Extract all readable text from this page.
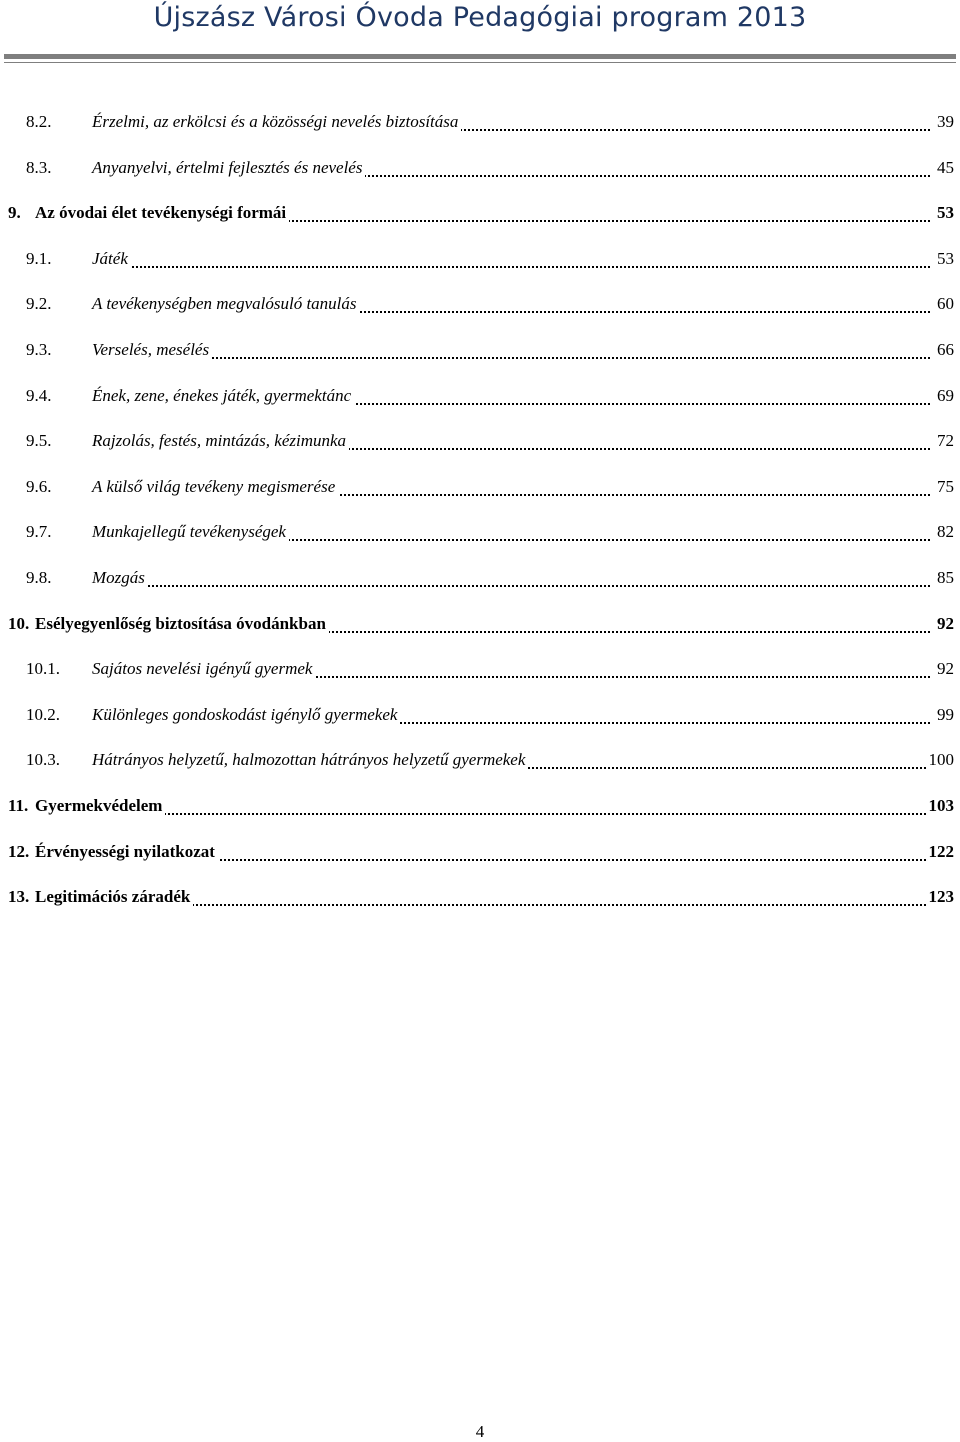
Újszász Városi Óvoda Pedagógiai program 2013
8.2. Érzelmi, az erkölcsi és a közösségi nevelés biztosítása	39
8.3. Anyanyelvi, értelmi fejlesztés és nevelés	45
9. Az óvodai élet tevékenységi formái	53
9.1. Játék	53
9.2. A tevékenységben megvalósuló tanulás	60
9.3. Verselés, mesélés	66
9.4. Ének, zene, énekes játék, gyermektánc	69
9.5. Rajzolás, festés, mintázás, kézimunka	72
9.6. A külső világ tevékeny megismerése	75
9.7. Munkajellegű tevékenységek	82
9.8. Mozgás	85
10. Esélyegyenlőség biztosítása óvodánkban	92
10.1. Sajátos nevelési igényű gyermek	92
10.2. Különleges gondoskodást igénylő gyermekek	99
10.3. Hátrányos helyzetű, halmozottan hátrányos helyzetű gyermekek	100
11. Gyermekvédelem	103
12. Érvényességi nyilatkozat	122
13. Legitimációs záradék	123
4
